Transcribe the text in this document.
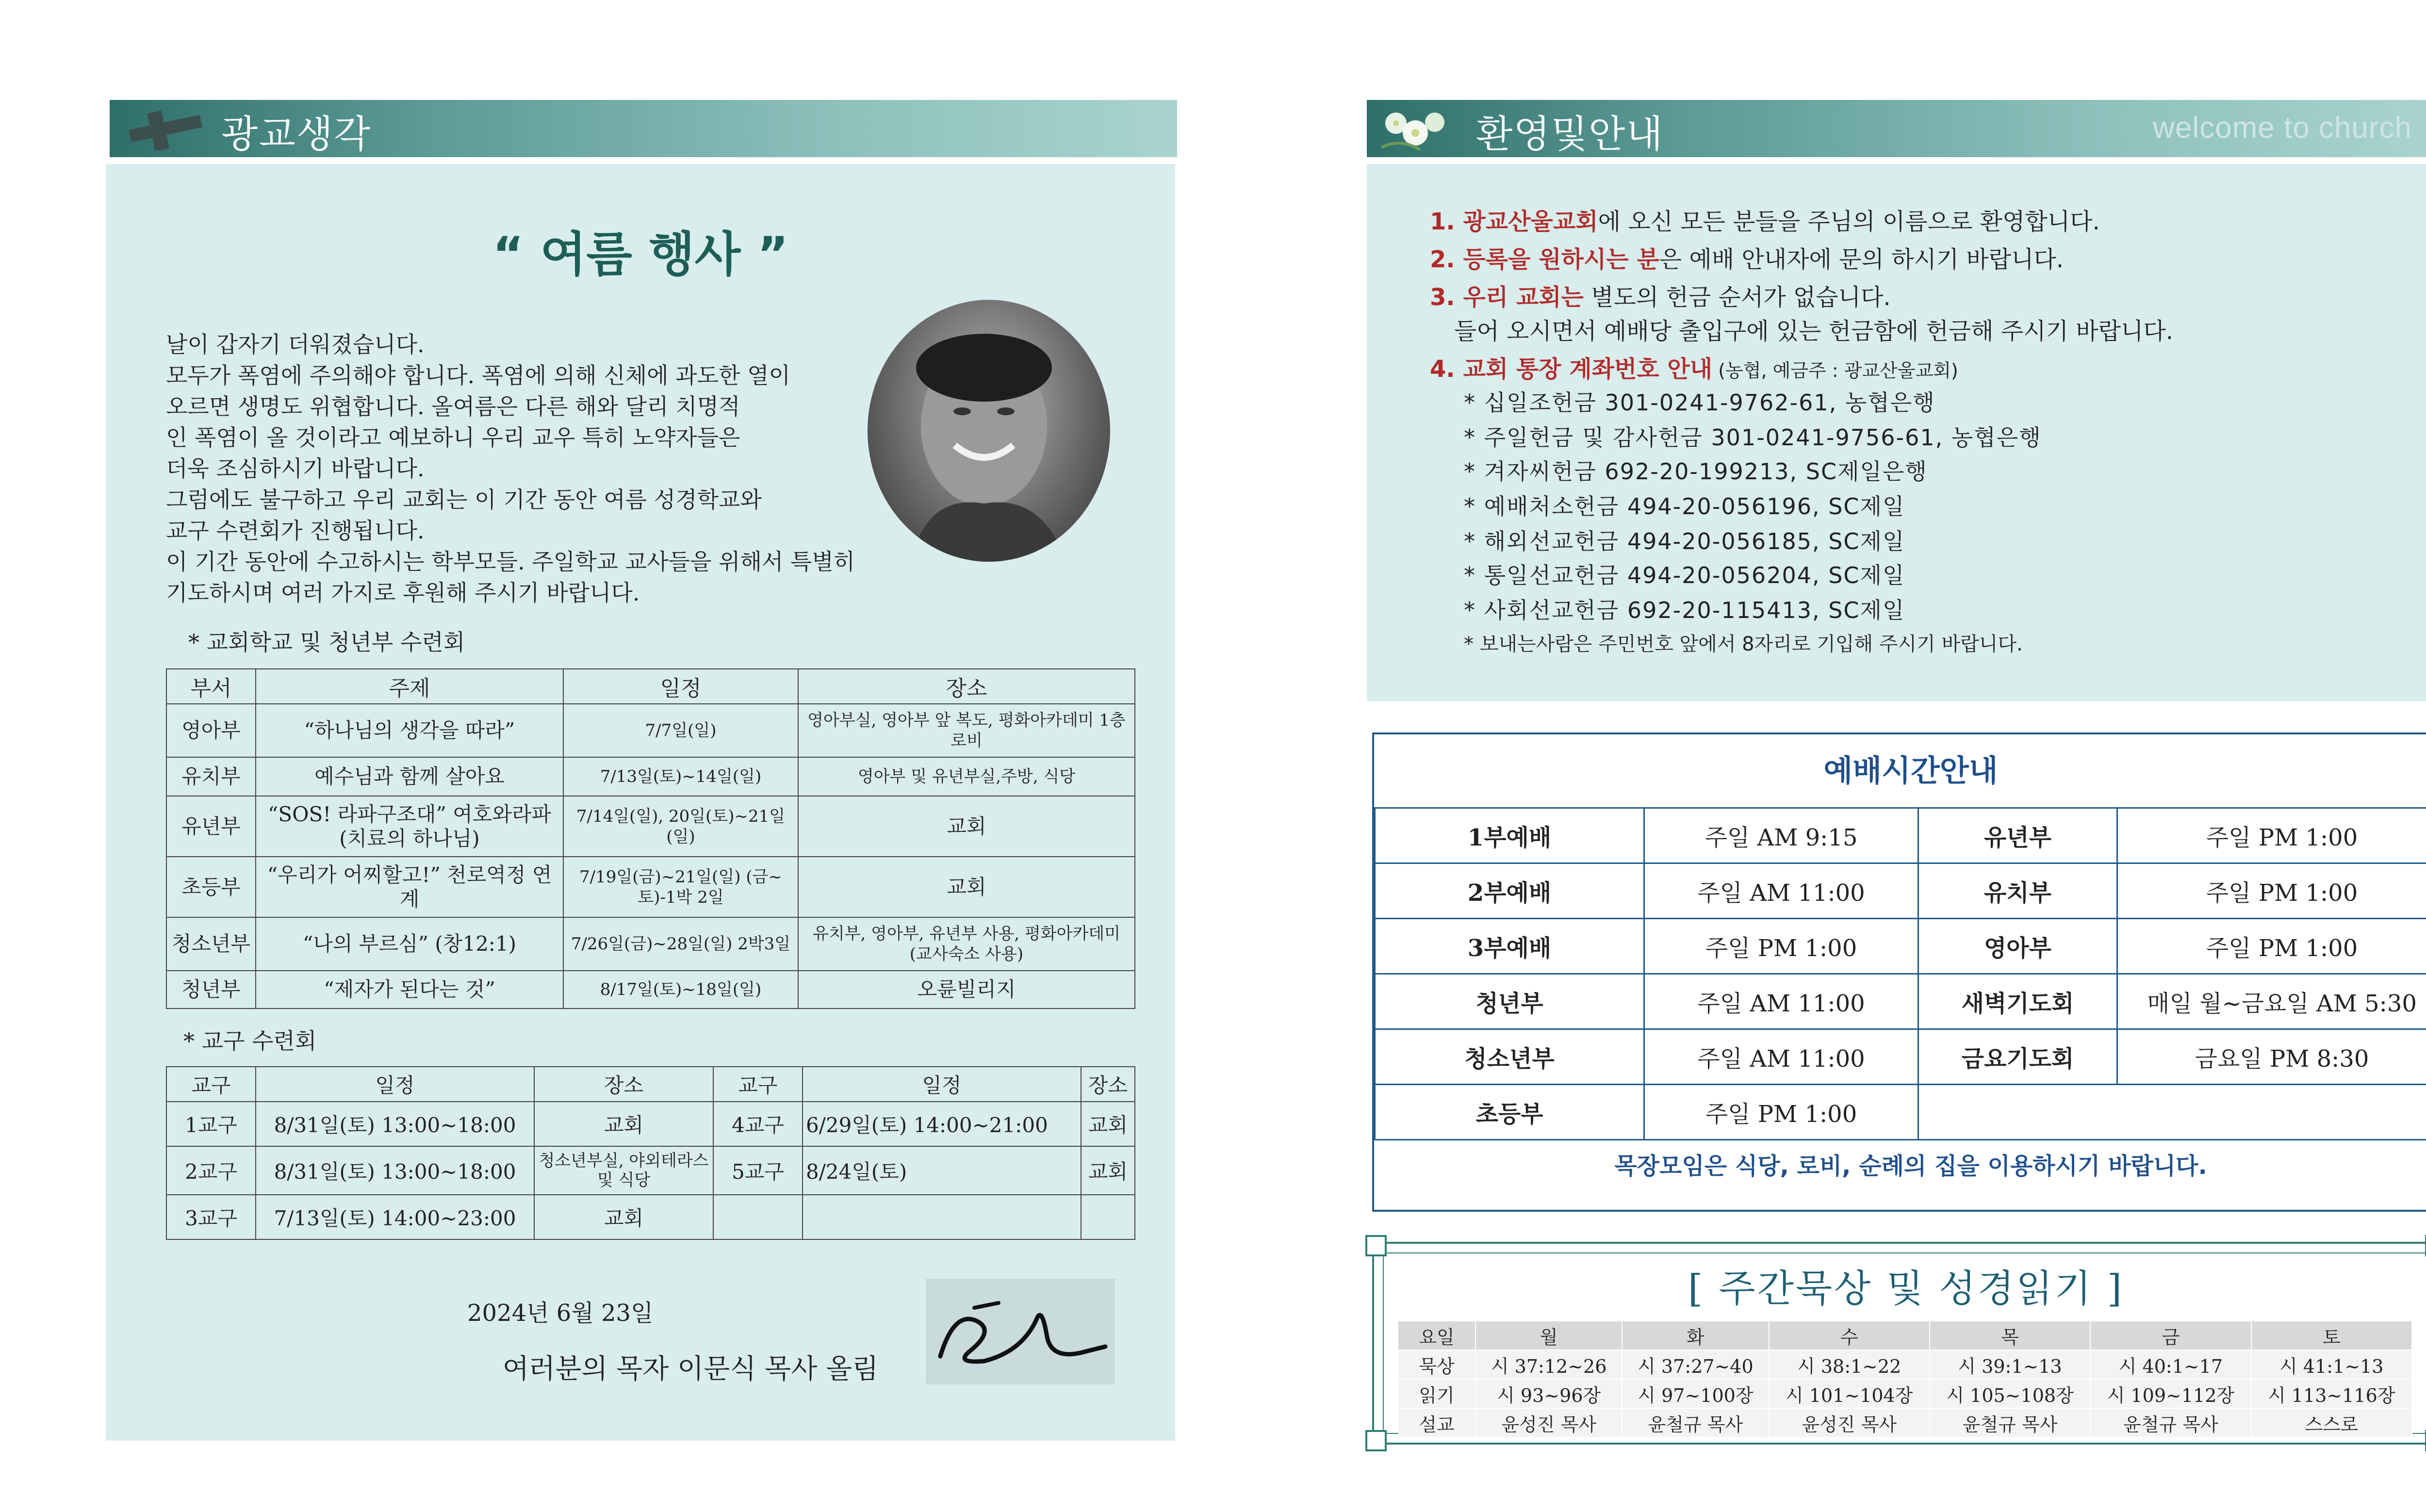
광교생각
“ 여름 행사 ”
날이 갑자기 더워졌습니다.
모두가 폭염에 주의해야 합니다. 폭염에 의해 신체에 과도한 열이
오르면 생명도 위협합니다. 올여름은 다른 해와 달리 치명적
인 폭염이 올 것이라고 예보하니 우리 교우 특히 노약자들은
더욱 조심하시기 바랍니다.
그럼에도 불구하고 우리 교회는 이 기간 동안 여름 성경학교와
교구 수련회가 진행됩니다.
이 기간 동안에 수고하시는 학부모들. 주일학교 교사들을 위해서 특별히
기도하시며 여러 가지로 후원해 주시기 바랍니다.
* 교회학교 및 청년부 수련회
부서	주제	일정	장소
영아부	“하나님의 생각을 따라”	7/7일(일)	영아부실, 영아부 앞 복도, 평화아카데미 1층 로비
유치부	예수님과 함께 살아요	7/13일(토)~14일(일)	영아부 및 유년부실,주방, 식당
유년부	“SOS! 라파구조대” 여호와라파(치료의 하나님)	7/14일(일), 20일(토)~21일(일)	교회
초등부	“우리가 어찌할고!” 천로역정 연계	7/19일(금)~21일(일) (금~토)-1박 2일	교회
청소년부	“나의 부르심” (창12:1)	7/26일(금)~28일(일) 2박3일	유치부, 영아부, 유년부 사용, 평화아카데미(교사숙소 사용)
청년부	“제자가 된다는 것”	8/17일(토)~18일(일)	오륜빌리지
* 교구 수련회
교구	일정	장소	교구	일정	장소
1교구	8/31일(토) 13:00~18:00	교회	4교구	6/29일(토) 14:00~21:00	교회
2교구	8/31일(토) 13:00~18:00	청소년부실, 야외테라스 및 식당	5교구	8/24일(토)	교회
3교구	7/13일(토) 14:00~23:00	교회			
2024년 6월 23일
여러분의 목자 이문식 목사 올림
환영및안내	welcome to church
1. 광교산울교회에 오신 모든 분들을 주님의 이름으로 환영합니다.
2. 등록을 원하시는 분은 예배 안내자에 문의 하시기 바랍니다.
3. 우리 교회는 별도의 헌금 순서가 없습니다.
들어 오시면서 예배당 출입구에 있는 헌금함에 헌금해 주시기 바랍니다.
4. 교회 통장 계좌번호 안내 (농협, 예금주 : 광교산울교회)
* 십일조헌금 301-0241-9762-61, 농협은행
* 주일헌금 및 감사헌금 301-0241-9756-61, 농협은행
* 겨자씨헌금 692-20-199213, SC제일은행
* 예배처소헌금 494-20-056196, SC제일
* 해외선교헌금 494-20-056185, SC제일
* 통일선교헌금 494-20-056204, SC제일
* 사회선교헌금 692-20-115413, SC제일
* 보내는사람은 주민번호 앞에서 8자리로 기입해 주시기 바랍니다.
예배시간안내
1부예배	주일 AM 9:15	유년부	주일 PM 1:00
2부예배	주일 AM 11:00	유치부	주일 PM 1:00
3부예배	주일 PM 1:00	영아부	주일 PM 1:00
청년부	주일 AM 11:00	새벽기도회	매일 월~금요일 AM 5:30
청소년부	주일 AM 11:00	금요기도회	금요일 PM 8:30
초등부	주일 PM 1:00		
목장모임은 식당, 로비, 순례의 집을 이용하시기 바랍니다.
[ 주간묵상 및 성경읽기 ]
요일	월	화	수	목	금	토
묵상	시 37:12~26	시 37:27~40	시 38:1~22	시 39:1~13	시 40:1~17	시 41:1~13
읽기	시 93~96장	시 97~100장	시 101~104장	시 105~108장	시 109~112장	시 113~116장
설교	윤성진 목사	윤철규 목사	윤성진 목사	윤철규 목사	윤철규 목사	스스로
